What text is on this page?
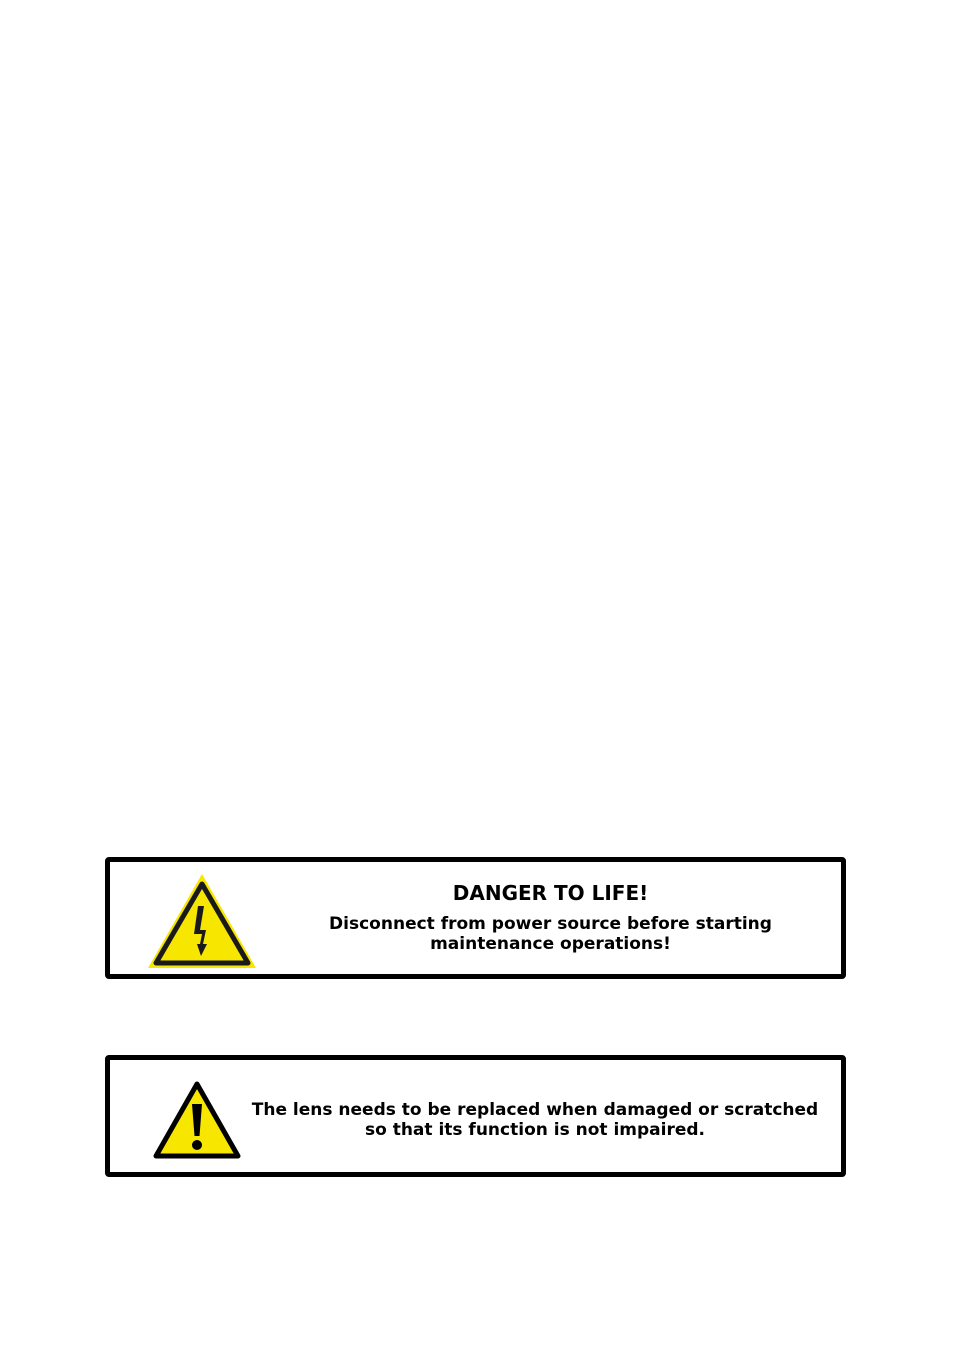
DANGER TO LIFE!

Disconnect from power source before starting

maintenance operations!

The lens needs to be replaced when damaged or scratched

so that its function is not impaired.
